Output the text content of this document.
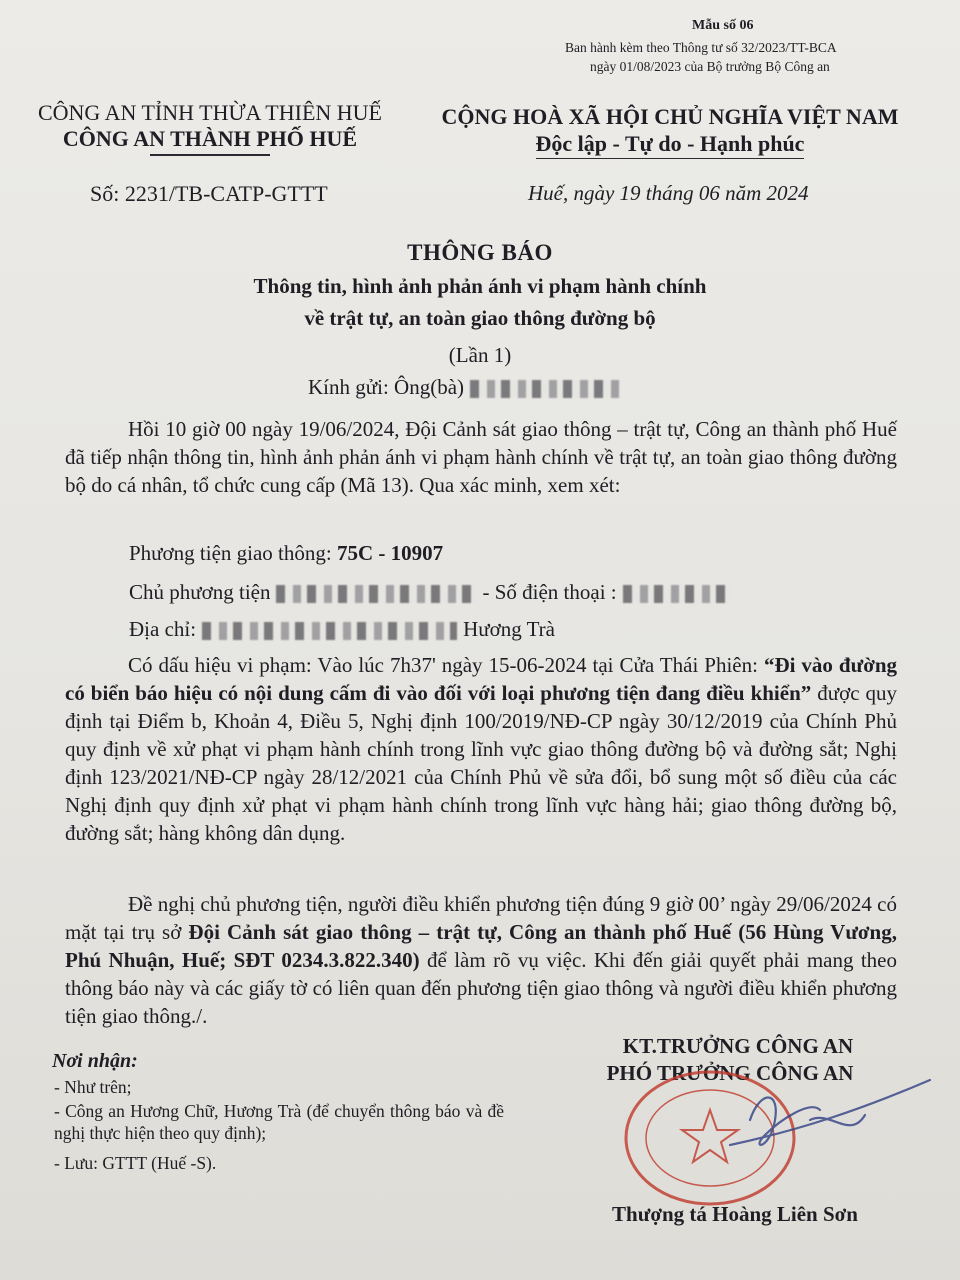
Mẫu số 06
Ban hành kèm theo Thông tư số 32/2023/TT-BCA
ngày 01/08/2023 của Bộ trưởng Bộ Công an
CÔNG AN TỈNH THỪA THIÊN HUẾ
CÔNG AN THÀNH PHỐ HUẾ
CỘNG HOÀ XÃ HỘI CHỦ NGHĨA VIỆT NAM
Độc lập - Tự do - Hạnh phúc
Số: 2231/TB-CATP-GTTT	Huế, ngày 19 tháng 06 năm 2024
THÔNG BÁO
Thông tin, hình ảnh phản ánh vi phạm hành chính
về trật tự, an toàn giao thông đường bộ
(Lần 1)
Kính gửi: Ông(bà)
Hồi 10 giờ 00 ngày 19/06/2024, Đội Cảnh sát giao thông – trật tự, Công an thành phố Huế đã tiếp nhận thông tin, hình ảnh phản ánh vi phạm hành chính về trật tự, an toàn giao thông đường bộ do cá nhân, tổ chức cung cấp (Mã 13). Qua xác minh, xem xét:
Phương tiện giao thông: 75C - 10907
Chủ phương tiện	- Số điện thoại :
Địa chỉ:	Hương Trà
Có dấu hiệu vi phạm: Vào lúc 7h37' ngày 15-06-2024 tại Cửa Thái Phiên: “Đi vào đường có biển báo hiệu có nội dung cấm đi vào đối với loại phương tiện đang điều khiển” được quy định tại Điểm b, Khoản 4, Điều 5, Nghị định 100/2019/NĐ-CP ngày 30/12/2019 của Chính Phủ quy định về xử phạt vi phạm hành chính trong lĩnh vực giao thông đường bộ và đường sắt; Nghị định 123/2021/NĐ-CP ngày 28/12/2021 của Chính Phủ về sửa đổi, bổ sung một số điều của các Nghị định quy định xử phạt vi phạm hành chính trong lĩnh vực hàng hải; giao thông đường bộ, đường sắt; hàng không dân dụng.
Đề nghị chủ phương tiện, người điều khiển phương tiện đúng 9 giờ 00’ ngày 29/06/2024 có mặt tại trụ sở Đội Cảnh sát giao thông – trật tự, Công an thành phố Huế (56 Hùng Vương, Phú Nhuận, Huế; SĐT 0234.3.822.340) để làm rõ vụ việc. Khi đến giải quyết phải mang theo thông báo này và các giấy tờ có liên quan đến phương tiện giao thông và người điều khiển phương tiện giao thông./.
Nơi nhận:
- Như trên;
- Công an Hương Chữ, Hương Trà (để chuyển thông báo và đề nghị thực hiện theo quy định);
- Lưu: GTTT (Huế -S).
KT.TRƯỞNG CÔNG AN
PHÓ TRƯỞNG CÔNG AN
Thượng tá Hoàng Liên Sơn
